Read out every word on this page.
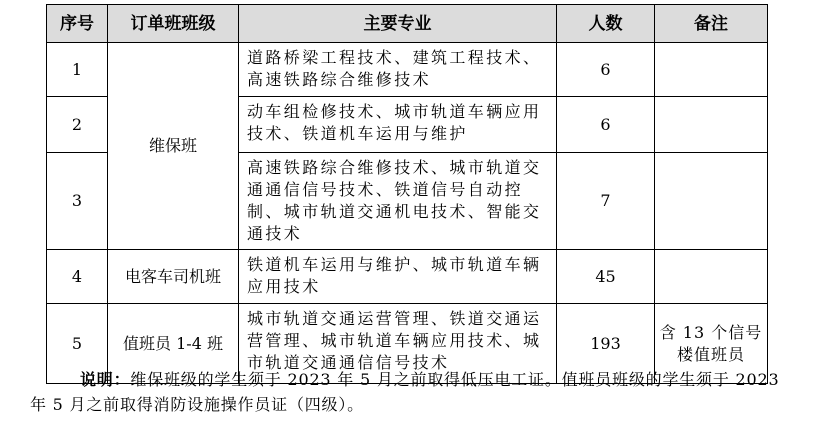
序号	订单班班级	主要专业	人数	备注
1	维保班	道路桥梁工程技术、建筑工程技术、高速铁路综合维修技术	6	
2		动车组检修技术、城市轨道车辆应用技术、铁道机车运用与维护	6	
3		高速铁路综合维修技术、城市轨道交通通信信号技术、铁道信号自动控制、城市轨道交通机电技术、智能交通技术	7	
4	电客车司机班	铁道机车运用与维护、城市轨道车辆应用技术	45	
5	值班员 1-4 班	城市轨道交通运营管理、铁道交通运营管理、城市轨道车辆应用技术、城市轨道交通通信信号技术	193	含 13 个信号楼值班员
说明：维保班级的学生须于 2023 年 5 月之前取得低压电工证。值班员班级的学生须于 2023 年 5 月之前取得消防设施操作员证（四级）。
